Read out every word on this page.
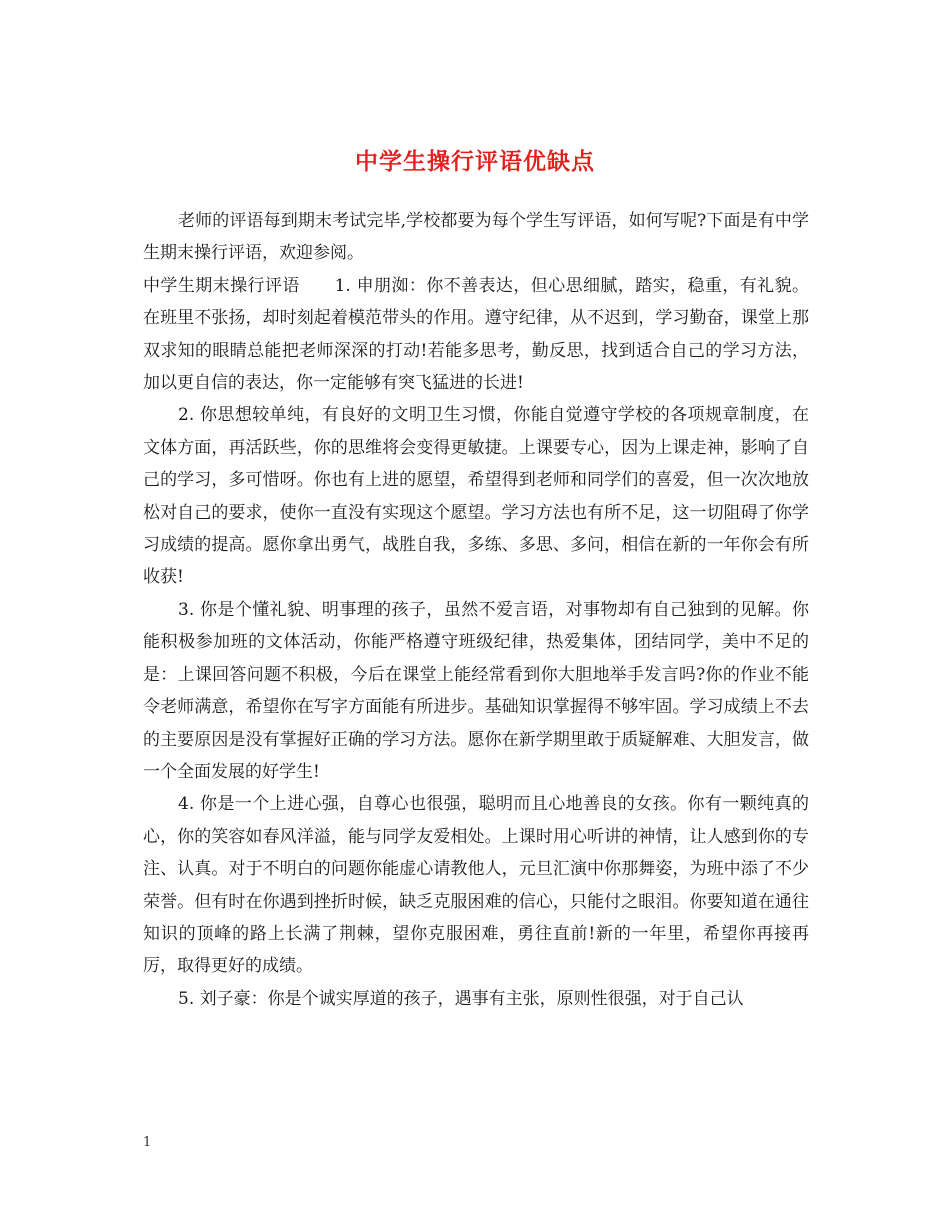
中学生操行评语优缺点

老师的评语每到期末考试完毕,学校都要为每个学生写评语，如何写呢?下面是有中学生期末操行评语，欢迎参阅。

中学生期末操行评语　　1. 申朋洳：你不善表达，但心思细腻，踏实，稳重，有礼貌。在班里不张扬，却时刻起着模范带头的作用。遵守纪律，从不迟到，学习勤奋，课堂上那双求知的眼睛总能把老师深深的打动!若能多思考，勤反思，找到适合自己的学习方法，加以更自信的表达，你一定能够有突飞猛进的长进!

2. 你思想较单纯，有良好的文明卫生习惯，你能自觉遵守学校的各项规章制度，在文体方面，再活跃些，你的思维将会变得更敏捷。上课要专心，因为上课走神，影响了自己的学习，多可惜呀。你也有上进的愿望，希望得到老师和同学们的喜爱，但一次次地放松对自己的要求，使你一直没有实现这个愿望。学习方法也有所不足，这一切阻碍了你学习成绩的提高。愿你拿出勇气，战胜自我，多练、多思、多问，相信在新的一年你会有所收获!

3. 你是个懂礼貌、明事理的孩子，虽然不爱言语，对事物却有自己独到的见解。你能积极参加班的文体活动，你能严格遵守班级纪律，热爱集体，团结同学，美中不足的是：上课回答问题不积极，今后在课堂上能经常看到你大胆地举手发言吗?你的作业不能令老师满意，希望你在写字方面能有所进步。基础知识掌握得不够牢固。学习成绩上不去的主要原因是没有掌握好正确的学习方法。愿你在新学期里敢于质疑解难、大胆发言，做一个全面发展的好学生!

4. 你是一个上进心强，自尊心也很强，聪明而且心地善良的女孩。你有一颗纯真的心，你的笑容如春风洋溢，能与同学友爱相处。上课时用心听讲的神情，让人感到你的专注、认真。对于不明白的问题你能虚心请教他人，元旦汇演中你那舞姿，为班中添了不少荣誉。但有时在你遇到挫折时候，缺乏克服困难的信心，只能付之眼泪。你要知道在通往知识的顶峰的路上长满了荆棘，望你克服困难，勇往直前!新的一年里，希望你再接再厉，取得更好的成绩。

5. 刘子豪：你是个诚实厚道的孩子，遇事有主张，原则性很强，对于自己认

1
